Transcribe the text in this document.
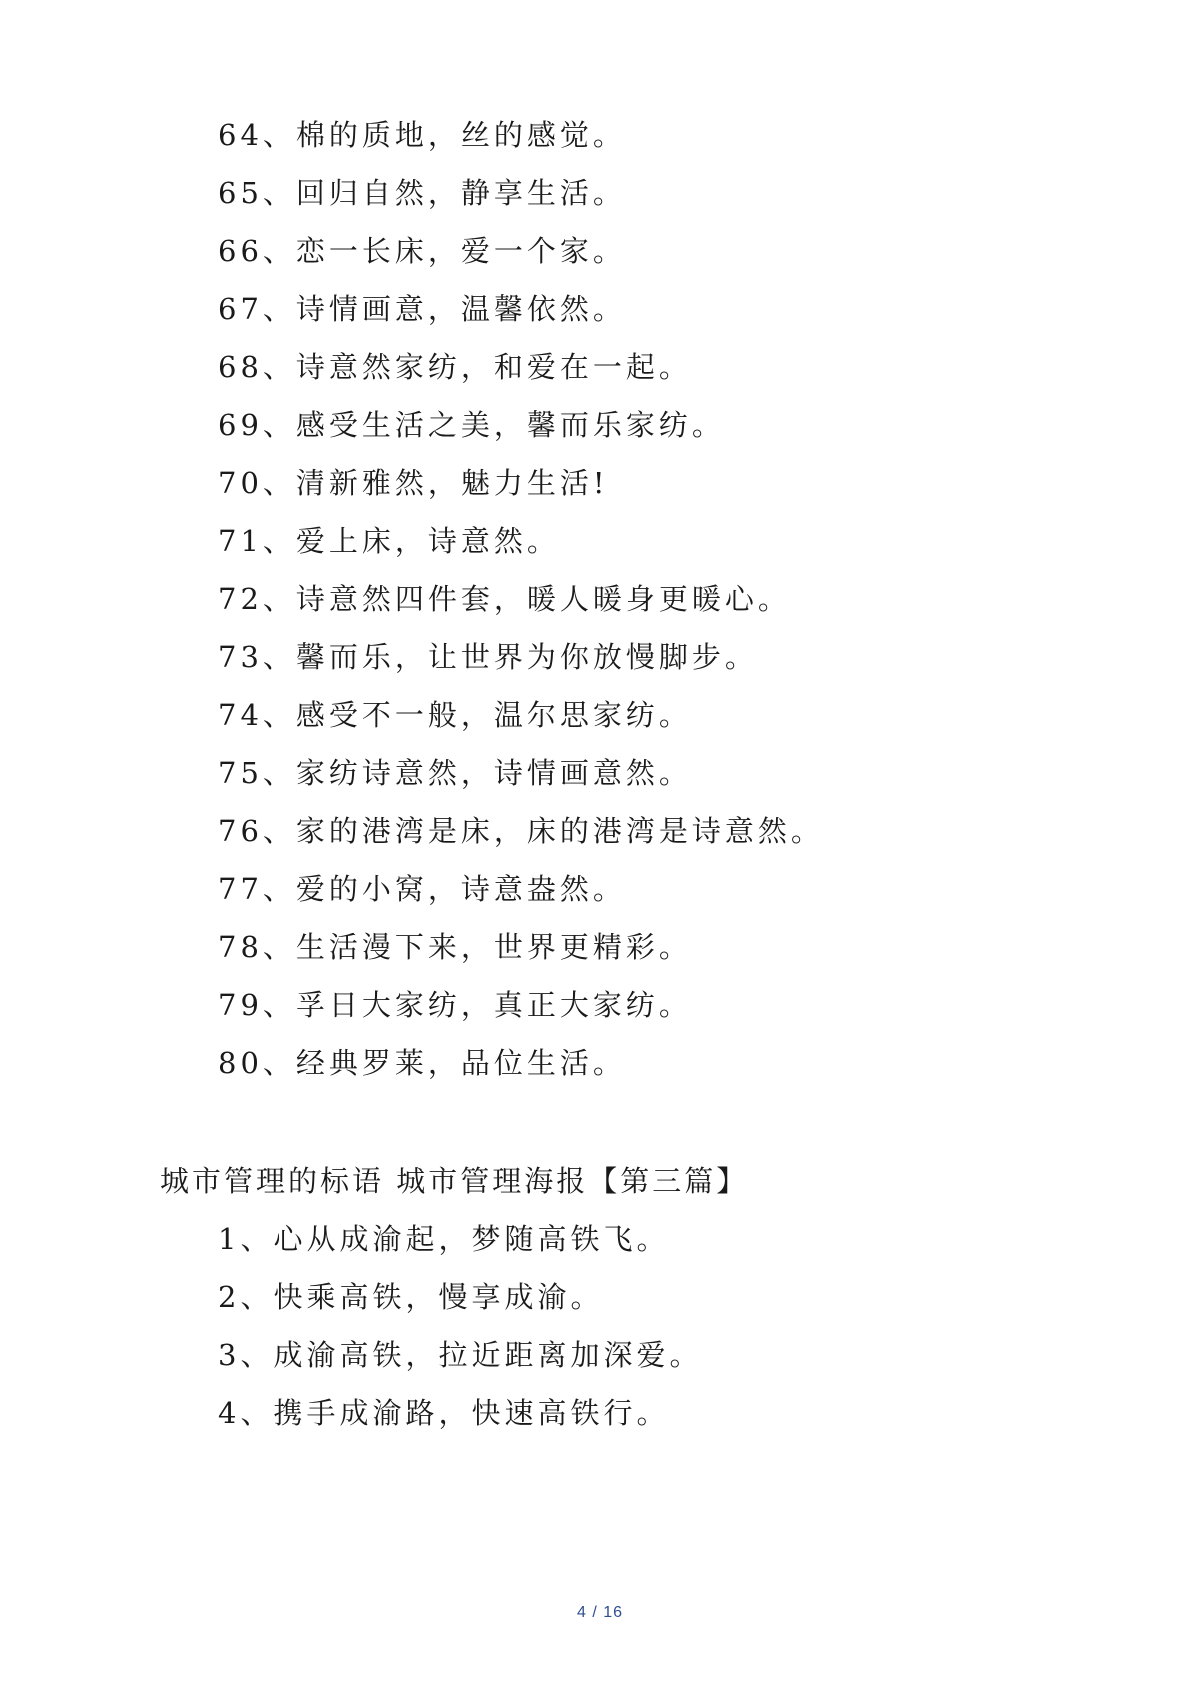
64、棉的质地，丝的感觉。
65、回归自然，静享生活。
66、恋一长床，爱一个家。
67、诗情画意，温馨依然。
68、诗意然家纺，和爱在一起。
69、感受生活之美，馨而乐家纺。
70、清新雅然，魅力生活!
71、爱上床，诗意然。
72、诗意然四件套，暖人暖身更暖心。
73、馨而乐，让世界为你放慢脚步。
74、感受不一般，温尔思家纺。
75、家纺诗意然，诗情画意然。
76、家的港湾是床，床的港湾是诗意然。
77、爱的小窝，诗意盎然。
78、生活漫下来，世界更精彩。
79、孚日大家纺，真正大家纺。
80、经典罗莱，品位生活。
城市管理的标语 城市管理海报【第三篇】
1、心从成渝起，梦随高铁飞。
2、快乘高铁，慢享成渝。
3、成渝高铁，拉近距离加深爱。
4、携手成渝路，快速高铁行。
4 / 16
